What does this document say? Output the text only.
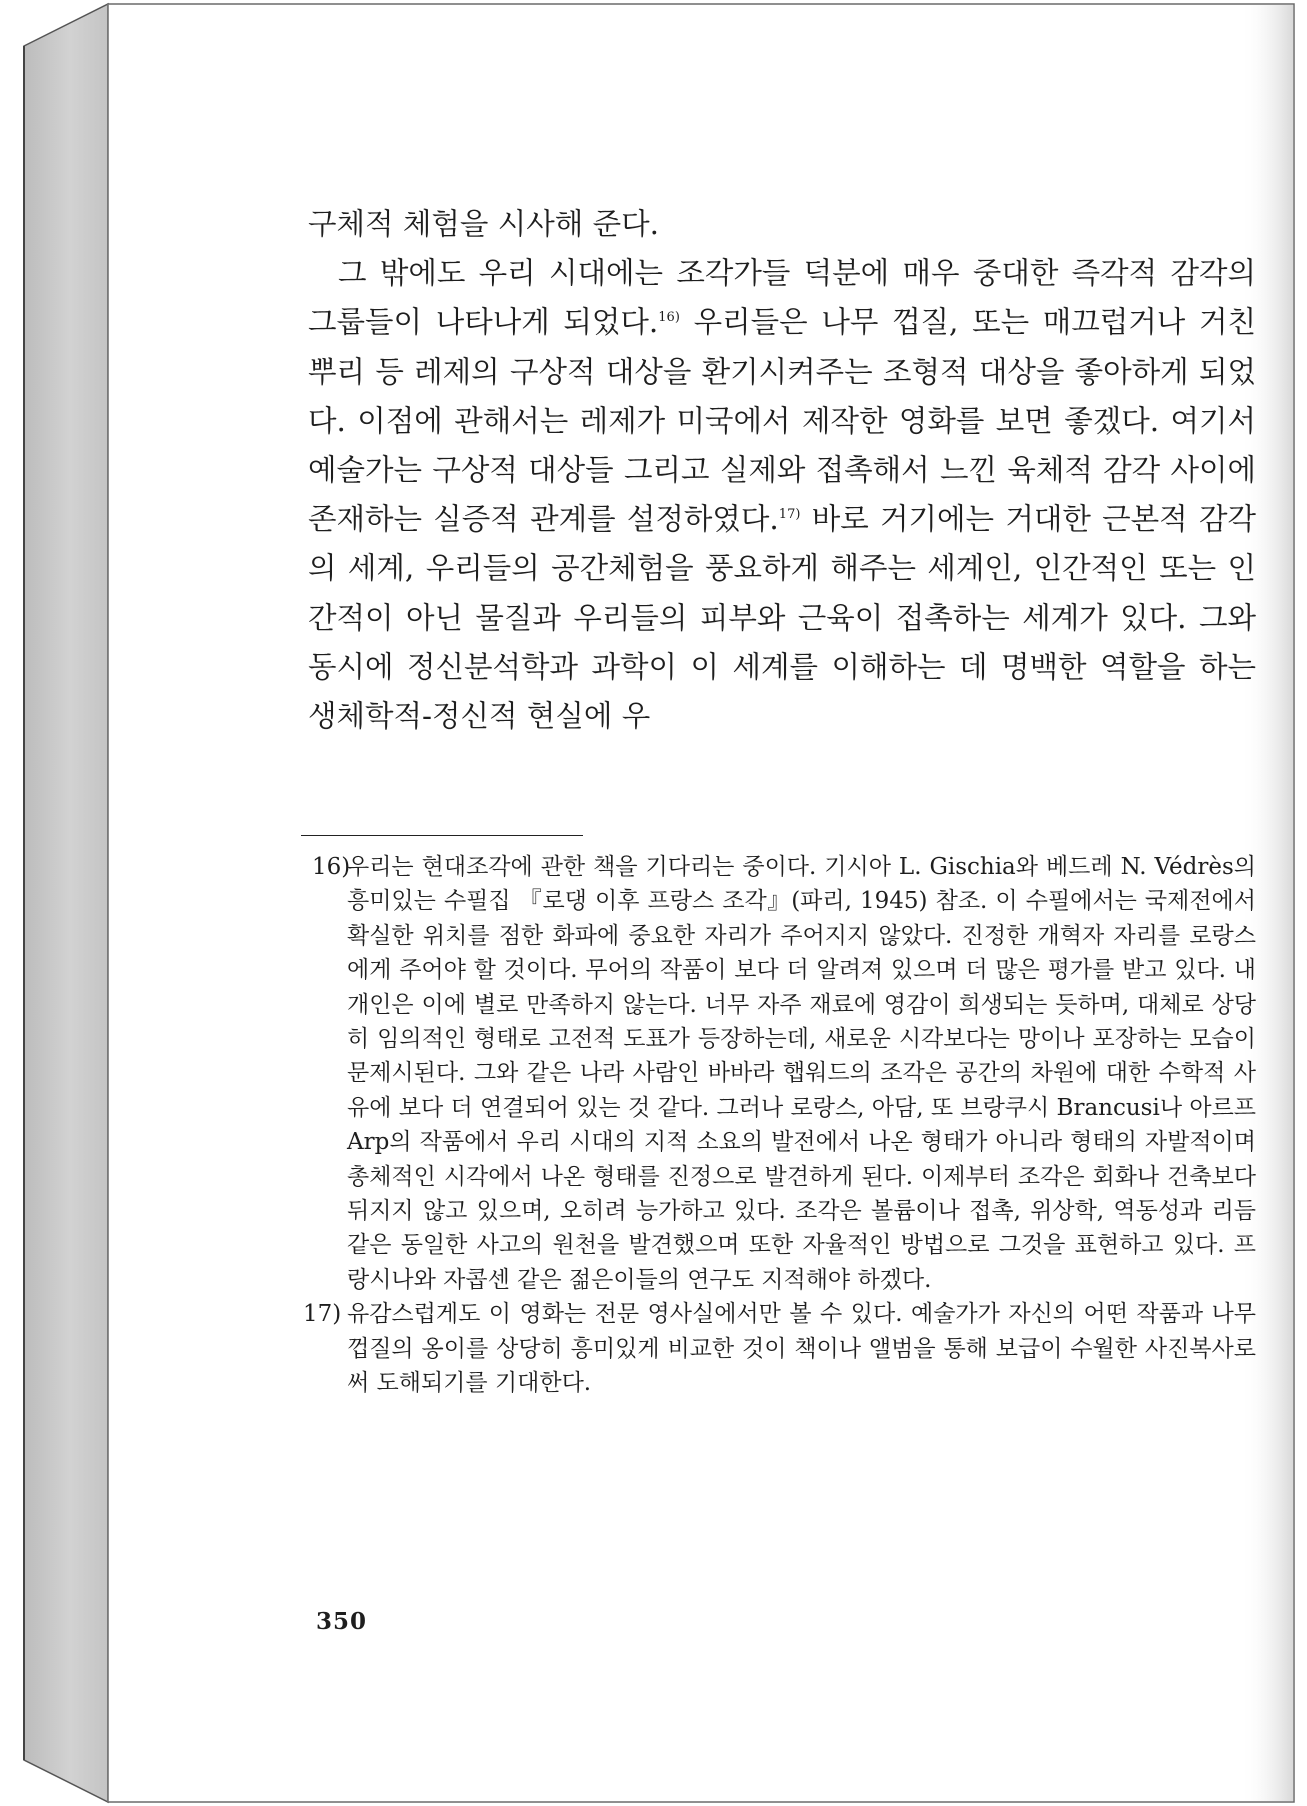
구체적 체험을 시사해 준다.

그 밖에도 우리 시대에는 조각가들 덕분에 매우 중대한 즉각적 감각의 그룹들이 나타나게 되었다.$^{16)}$ 우리들은 나무 껍질, 또는 매끄럽거나 거친 뿌리 등 레제의 구상적 대상을 환기시켜주는 조형적 대상을 좋아하게 되었다. 이점에 관해서는 레제가 미국에서 제작한 영화를 보면 좋겠다. 여기서 예술가는 구상적 대상들 그리고 실제와 접촉해서 느낀 육체적 감각 사이에 존재하는 실증적 관계를 설정하였다.$^{17)}$ 바로 거기에는 거대한 근본적 감각의 세계, 우리들의 공간체험을 풍요하게 해주는 세계인, 인간적인 또는 인간적이 아닌 물질과 우리들의 피부와 근육이 접촉하는 세계가 있다. 그와 동시에 정신분석학과 과학이 이 세계를 이해하는 데 명백한 역할을 하는 생체학적-정신적 현실에 우

16)
우리는 현대조각에 관한 책을 기다리는 중이다. 기시아 L. Gischia와 베드레 N. Védrès의 흥미있는 수필집 『로댕 이후 프랑스 조각』(파리, 1945) 참조. 이 수필에서는 국제전에서 확실한 위치를 점한 화파에 중요한 자리가 주어지지 않았다. 진정한 개혁자 자리를 로랑스에게 주어야 할 것이다. 무어의 작품이 보다 더 알려져 있으며 더 많은 평가를 받고 있다. 내 개인은 이에 별로 만족하지 않는다. 너무 자주 재료에 영감이 희생되는 듯하며, 대체로 상당히 임의적인 형태로 고전적 도표가 등장하는데, 새로운 시각보다는 망이나 포장하는 모습이 문제시된다. 그와 같은 나라 사람인 바바라 햅워드의 조각은 공간의 차원에 대한 수학적 사유에 보다 더 연결되어 있는 것 같다. 그러나 로랑스, 아담, 또 브랑쿠시 Brancusi나 아르프 Arp의 작품에서 우리 시대의 지적 소요의 발전에서 나온 형태가 아니라 형태의 자발적이며 총체적인 시각에서 나온 형태를 진정으로 발견하게 된다. 이제부터 조각은 회화나 건축보다 뒤지지 않고 있으며, 오히려 능가하고 있다. 조각은 볼륨이나 접촉, 위상학, 역동성과 리듬 같은 동일한 사고의 원천을 발견했으며 또한 자율적인 방법으로 그것을 표현하고 있다. 프랑시나와 자콥센 같은 젊은이들의 연구도 지적해야 하겠다.

17) 유감스럽게도 이 영화는 전문 영사실에서만 볼 수 있다. 예술가가 자신의 어떤 작품과 나무껍질의 옹이를 상당히 흥미있게 비교한 것이 책이나 앨범을 통해 보급이 수월한 사진복사로써 도해되기를 기대한다.

350
